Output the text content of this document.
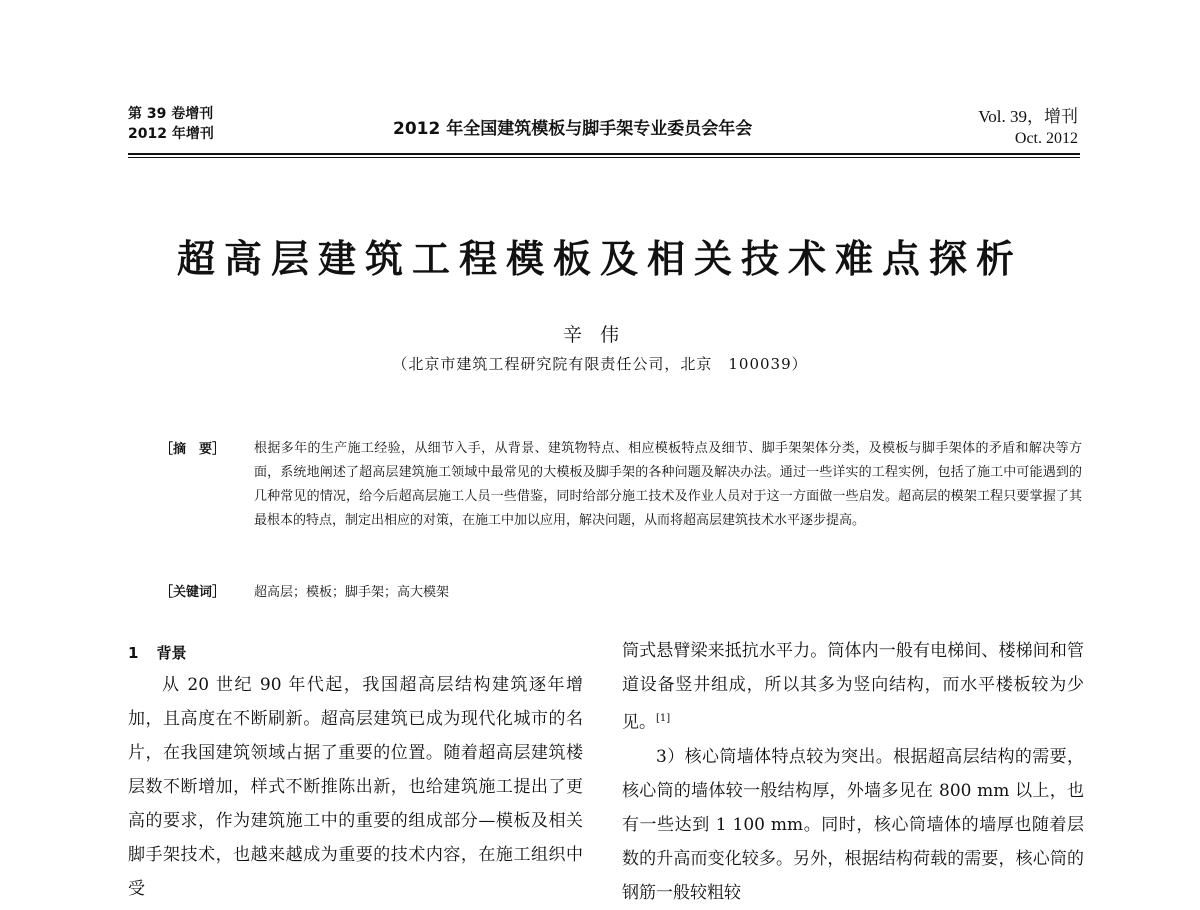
第 39 卷增刊
2012 年增刊	2012 年全国建筑模板与脚手架专业委员会年会
Vol. 39，增刊
Oct. 2012
超高层建筑工程模板及相关技术难点探析
辛伟
（北京市建筑工程研究院有限责任公司，北京　100039）
［摘　要］ 根据多年的生产施工经验，从细节入手，从背景、建筑物特点、相应模板特点及细节、脚手架架体分类，及模板与脚手架体的矛盾和解决等方面，系统地阐述了超高层建筑施工领域中最常见的大模板及脚手架的各种问题及解决办法。通过一些详实的工程实例，包括了施工中可能遇到的几种常见的情况，给今后超高层施工人员一些借鉴，同时给部分施工技术及作业人员对于这一方面做一些启发。超高层的模架工程只要掌握了其最根本的特点，制定出相应的对策，在施工中加以应用，解决问题，从而将超高层建筑技术水平逐步提高。
［关键词］ 超高层；模板；脚手架；高大模架
1 背景

从 20 世纪 90 年代起，我国超高层结构建筑逐年增加，且高度在不断刷新。超高层建筑已成为现代化城市的名片，在我国建筑领域占据了重要的位置。随着超高层建筑楼层数不断增加，样式不断推陈出新，也给建筑施工提出了更高的要求，作为建筑施工中的重要的组成部分—模板及相关脚手架技术，也越来越成为重要的技术内容，在施工组织中受

筒式悬臂梁来抵抗水平力。筒体内一般有电梯间、楼梯间和管道设备竖井组成，所以其多为竖向结构，而水平楼板较为少见。[1]

3）核心筒墙体特点较为突出。根据超高层结构的需要，核心筒的墙体较一般结构厚，外墙多见在 800 mm 以上，也有一些达到 1 100 mm。同时，核心筒墙体的墙厚也随着层数的升高而变化较多。另外，根据结构荷载的需要，核心筒的钢筋一般较粗较
